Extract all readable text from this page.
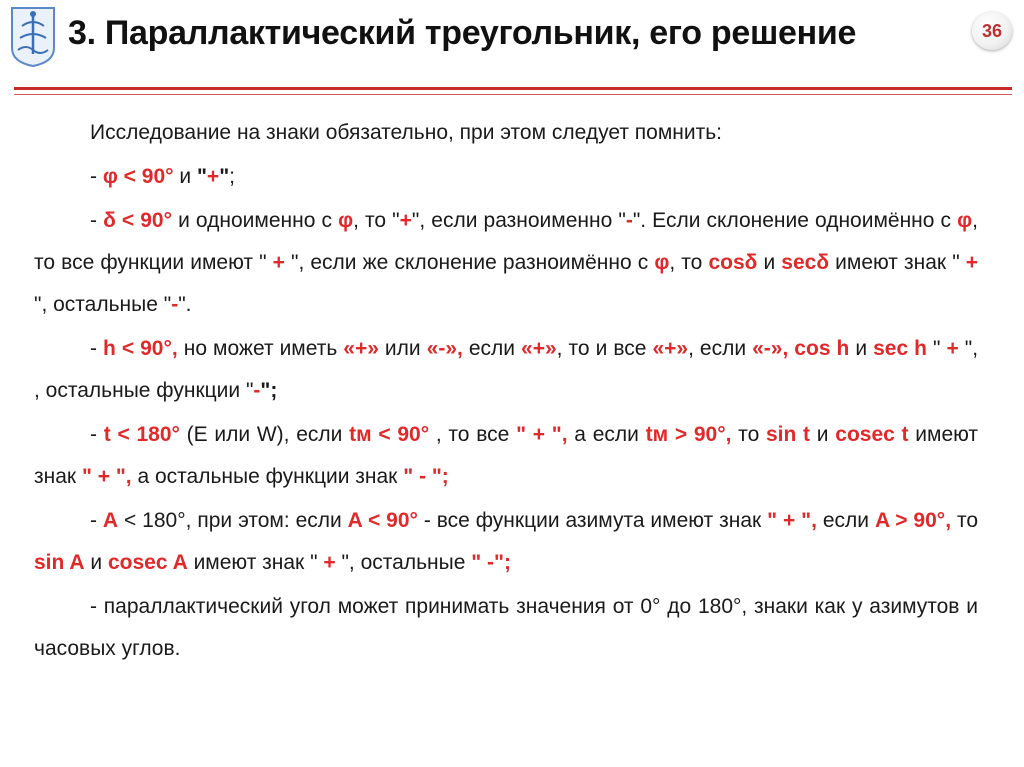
3. Параллактический треугольник, его решение	36

Исследование на знаки обязательно, при этом следует помнить:

- φ < 90° и "+";

- δ < 90° и одноименно с φ, то "+", если разноименно "-". Если склонение одноимённо с φ, то все функции имеют " + ", если же склонение разноимённо с φ, то cosδ и secδ имеют знак " + ", остальные "-".

- h < 90°, но может иметь «+» или «-», если «+», то и все «+», если «-», cos h и sec h " + ", , остальные функции "-";

- t < 180° (E или W), если tм < 90° , то все " + ", а если tм > 90°, то sin t и cosec t имеют знак " + ", а остальные функции знак " - ";

- A < 180°, при этом: если A < 90° - все функции азимута имеют знак " + ", если A > 90°, то sin A и cosec A имеют знак " + ", остальные " -";

- параллактический угол может принимать значения от 0° до 180°, знаки как у азимутов и часовых углов.
